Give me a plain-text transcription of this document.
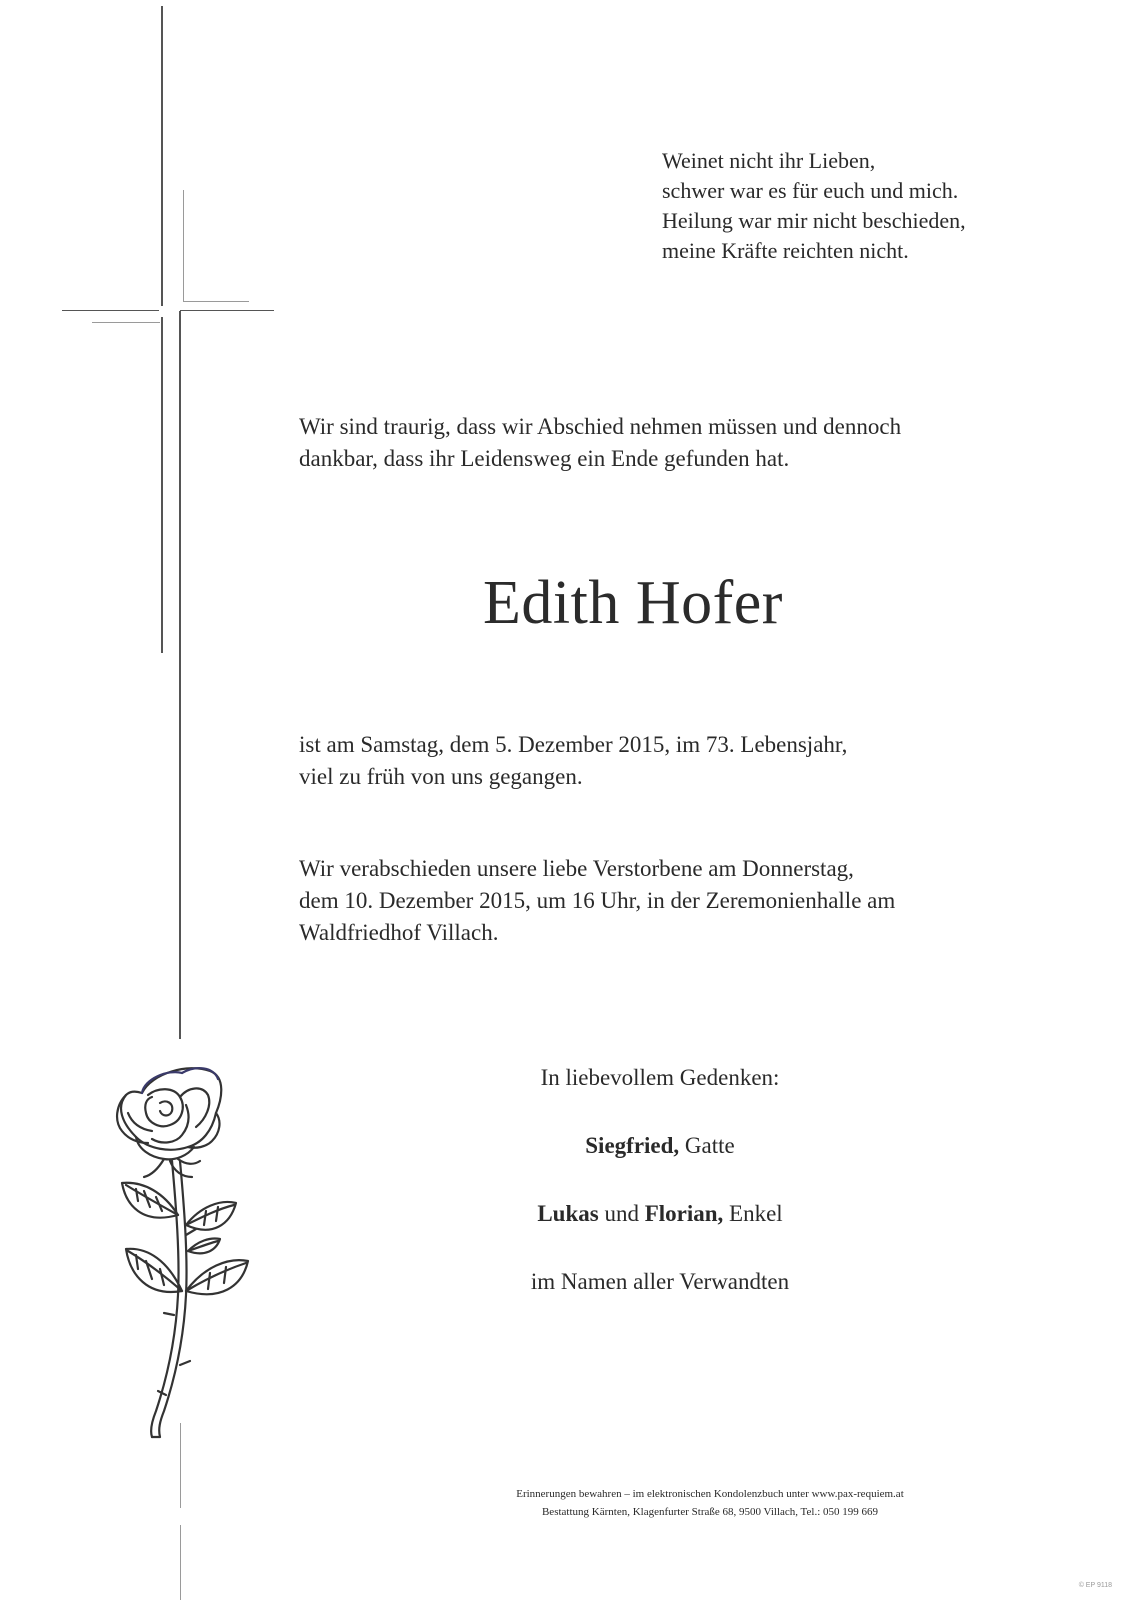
Weinet nicht ihr Lieben,
schwer war es für euch und mich.
Heilung war mir nicht beschieden,
meine Kräfte reichten nicht.
Wir sind traurig, dass wir Abschied nehmen müssen und dennoch
dankbar, dass ihr Leidensweg ein Ende gefunden hat.
Edith Hofer
ist am Samstag, dem 5. Dezember 2015, im 73. Lebensjahr,
viel zu früh von uns gegangen.
Wir verabschieden unsere liebe Verstorbene am Donnerstag,
dem 10. Dezember 2015, um 16 Uhr, in der Zeremonienhalle am
Waldfriedhof Villach.
In liebevollem Gedenken:
Siegfried, Gatte
Lukas und Florian, Enkel
im Namen aller Verwandten
Erinnerungen bewahren – im elektronischen Kondolenzbuch unter www.pax-requiem.at
Bestattung Kärnten, Klagenfurter Straße 68, 9500 Villach, Tel.: 050 199 669
© EP 9118
